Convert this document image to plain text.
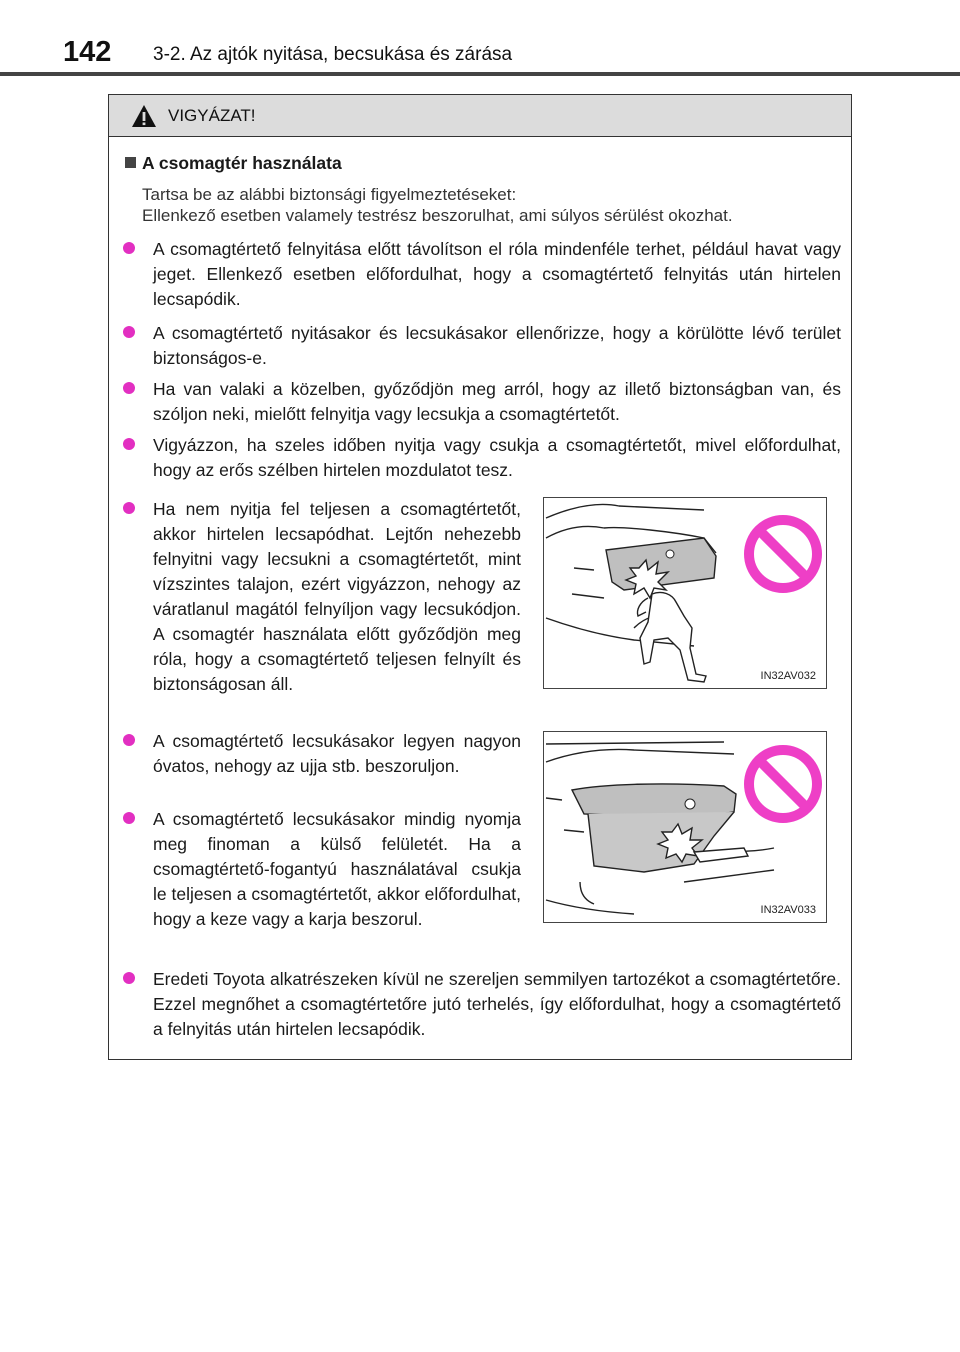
142 3-2. Az ajtók nyitása, becsukása és zárása
VIGYÁZAT!
A csomagtér használata
Tartsa be az alábbi biztonsági figyelmeztetéseket:
Ellenkező esetben valamely testrész beszorulhat, ami súlyos sérülést okozhat.
A csomagtértető felnyitása előtt távolítson el róla mindenféle terhet, például havat vagy jeget. Ellenkező esetben előfordulhat, hogy a csomagtértető felnyitás után hirtelen lecsapódik.
A csomagtértető nyitásakor és lecsukásakor ellenőrizze, hogy a körülötte lévő terület biztonságos-e.
Ha van valaki a közelben, győződjön meg arról, hogy az illető biztonságban van, és szóljon neki, mielőtt felnyitja vagy lecsukja a csomagtértetőt.
Vigyázzon, ha szeles időben nyitja vagy csukja a csomagtértetőt, mivel előfordulhat, hogy az erős szélben hirtelen mozdulatot tesz.
Ha nem nyitja fel teljesen a csomagtértetőt, akkor hirtelen lecsapódhat. Lejtőn nehezebb felnyitni vagy lecsukni a csomagtértetőt, mint vízszintes talajon, ezért vigyázzon, nehogy az váratlanul magától felnyíljon vagy lecsukódjon. A csomagtér használata előtt győződjön meg róla, hogy a csomagtértető teljesen felnyílt és biztonságosan áll.
A csomagtértető lecsukásakor legyen nagyon óvatos, nehogy az ujja stb. beszoruljon.
A csomagtértető lecsukásakor mindig nyomja meg finoman a külső felületét. Ha a csomagtértető-fogantyú használatával csukja le teljesen a csomagtértetőt, akkor előfordulhat, hogy a keze vagy a karja beszorul.
Eredeti Toyota alkatrészeken kívül ne szereljen semmilyen tartozékot a csomagtértetőre. Ezzel megnőhet a csomagtértetőre jutó terhelés, így előfordulhat, hogy a csomagtértető a felnyitás után hirtelen lecsapódik.
IN32AV032
IN32AV033
